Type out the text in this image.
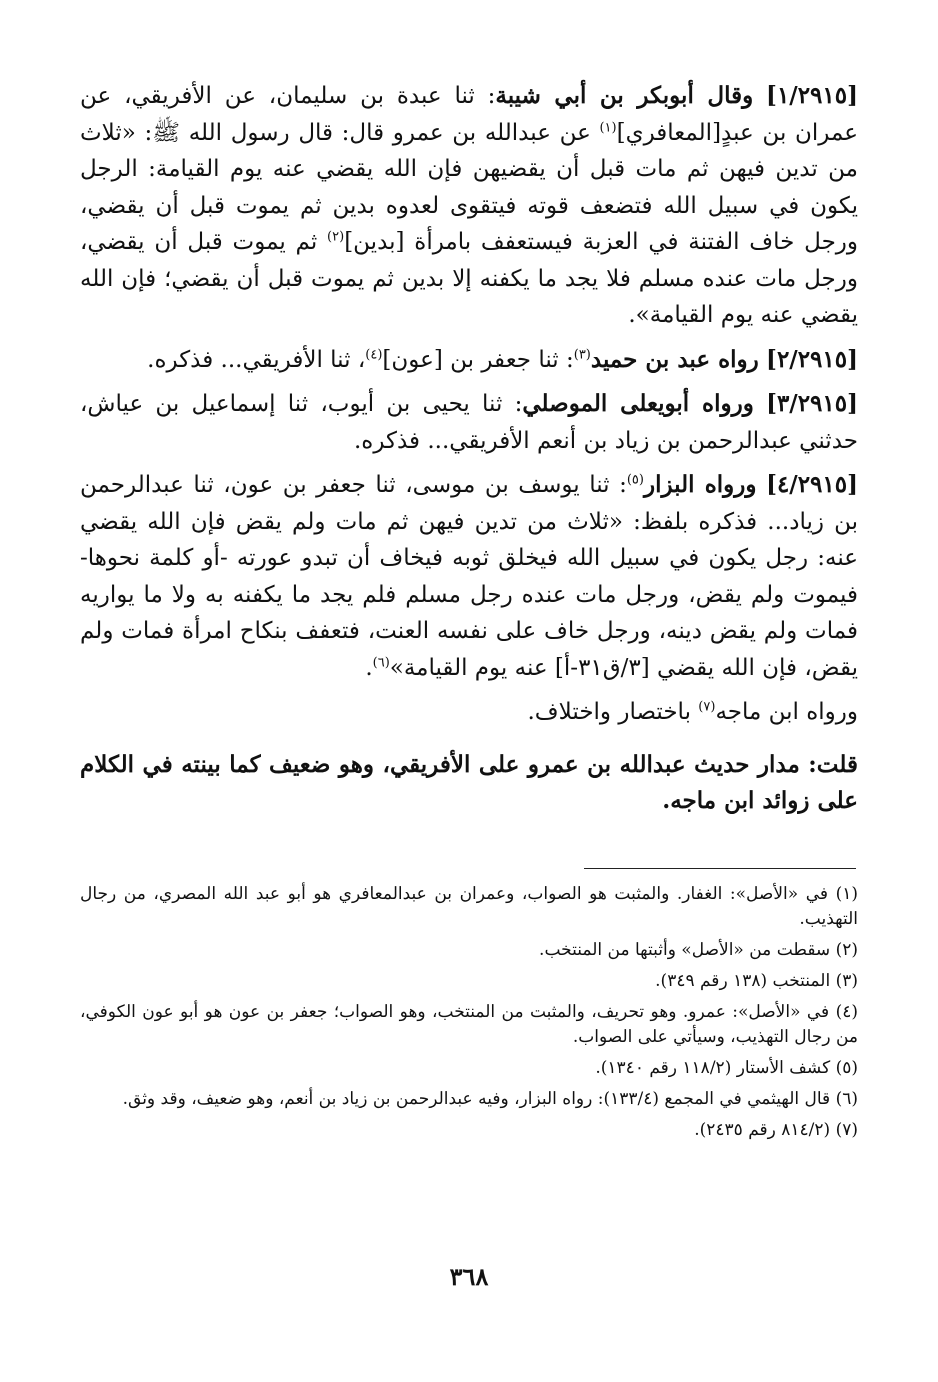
[١/٢٩١٥] وقال أبوبكر بن أبي شيبة: ثنا عبدة بن سليمان، عن الأفريقي، عن عمران بن عبدٍ[المعافري]$^{(١)}$ عن عبدالله بن عمرو قال: قال رسول الله ﷺ: «ثلاث من تدين فيهن ثم مات قبل أن يقضيهن فإن الله يقضي عنه يوم القيامة: الرجل يكون في سبيل الله فتضعف قوته فيتقوى لعدوه بدين ثم يموت قبل أن يقضي، ورجل خاف الفتنة في العزبة فيستعفف بامرأة [بدين]$^{(٢)}$ ثم يموت قبل أن يقضي، ورجل مات عنده مسلم فلا يجد ما يكفنه إلا بدين ثم يموت قبل أن يقضي؛ فإن الله يقضي عنه يوم القيامة».

[٢/٢٩١٥] رواه عبد بن حميد$^{(٣)}$: ثنا جعفر بن [عون]$^{(٤)}$، ثنا الأفريقي... فذكره.

[٣/٢٩١٥] ورواه أبويعلى الموصلي: ثنا يحيى بن أيوب، ثنا إسماعيل بن عياش، حدثني عبدالرحمن بن زياد بن أنعم الأفريقي... فذكره.

[٤/٢٩١٥] ورواه البزار$^{(٥)}$: ثنا يوسف بن موسى، ثنا جعفر بن عون، ثنا عبدالرحمن بن زياد... فذكره بلفظ: «ثلاث من تدين فيهن ثم مات ولم يقض فإن الله يقضي عنه: رجل يكون في سبيل الله فيخلق ثوبه فيخاف أن تبدو عورته -أو كلمة نحوها- فيموت ولم يقض، ورجل مات عنده رجل مسلم فلم يجد ما يكفنه به ولا ما يواريه فمات ولم يقض دينه، ورجل خاف على نفسه العنت، فتعفف بنكاح امرأة فمات ولم يقض، فإن الله يقضي [٣/ق٣١-أ] عنه يوم القيامة»$^{(٦)}$.

ورواه ابن ماجه$^{(٧)}$ باختصار واختلاف.

قلت: مدار حديث عبدالله بن عمرو على الأفريقي، وهو ضعيف كما بينته في الكلام على زوائد ابن ماجه.

(١) في «الأصل»: الغفار. والمثبت هو الصواب، وعمران بن عبدالمعافري هو أبو عبد الله المصري، من رجال التهذيب.

(٢) سقطت من «الأصل» وأثبتها من المنتخب.

(٣) المنتخب (١٣٨ رقم ٣٤٩).

(٤) في «الأصل»: عمرو. وهو تحريف، والمثبت من المنتخب، وهو الصواب؛ جعفر بن عون هو أبو عون الكوفي، من رجال التهذيب، وسيأتي على الصواب.

(٥) كشف الأستار (١١٨/٢ رقم ١٣٤٠).

(٦) قال الهيثمي في المجمع (١٣٣/٤): رواه البزار، وفيه عبدالرحمن بن زياد بن أنعم، وهو ضعيف، وقد وثق.

(٧) (٨١٤/٢ رقم ٢٤٣٥).

٣٦٨
